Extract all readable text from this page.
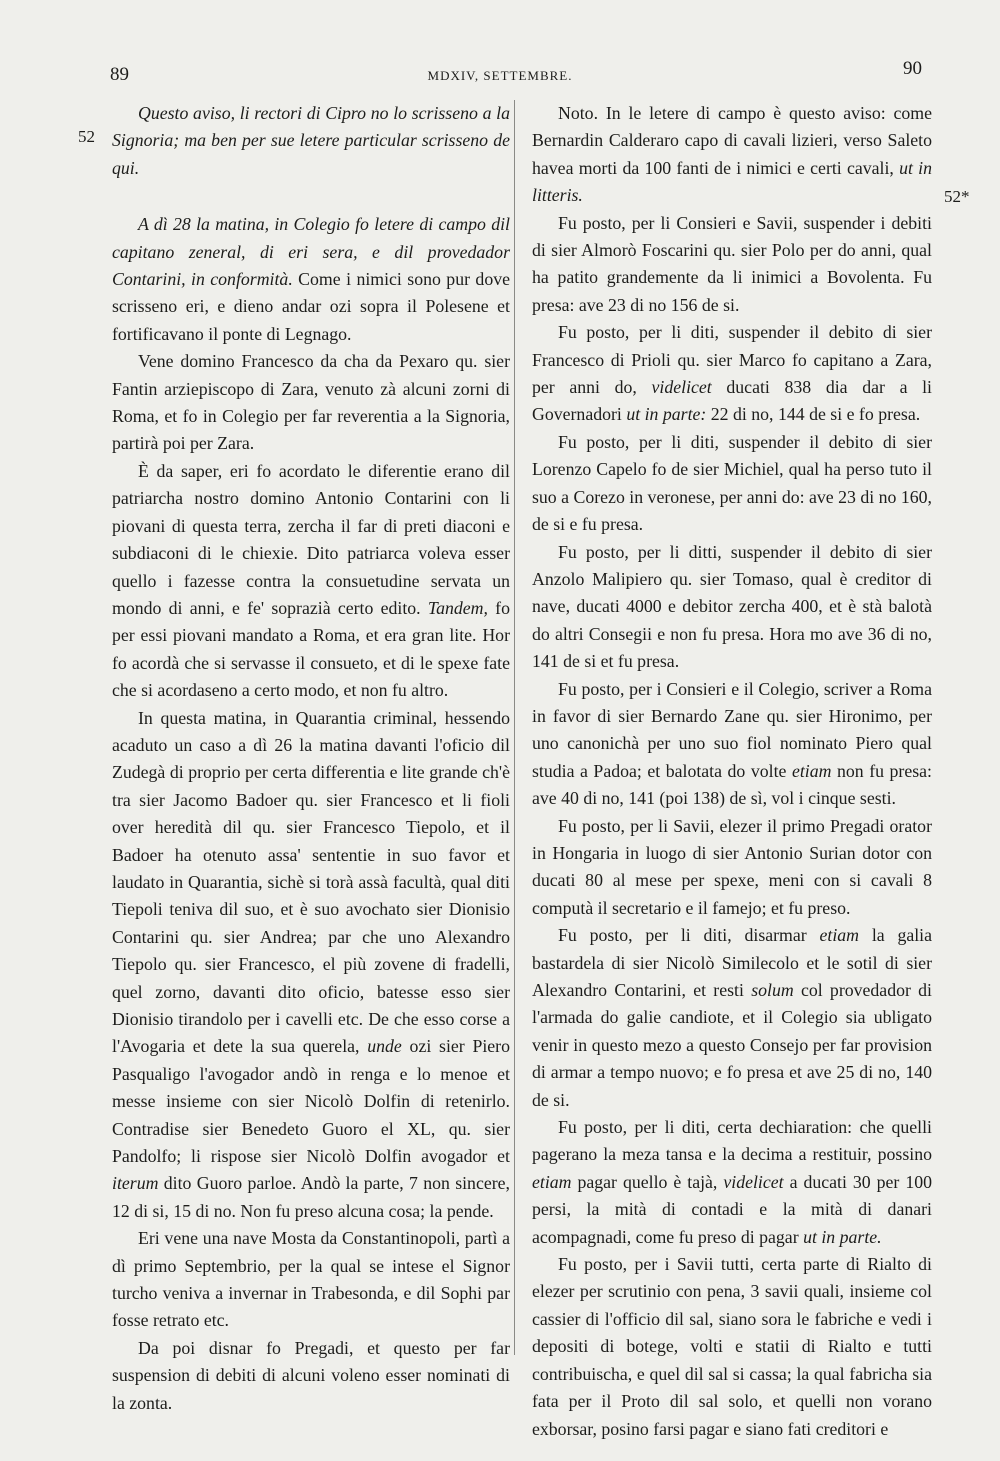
89	MDXIV, SETTEMBRE.	90
52
52*

Questo aviso, li rectori di Cipro no lo scrisseno a la Signoria; ma ben per sue letere particular scrisseno de qui.

A dì 28 la matina, in Colegio fo letere di campo dil capitano zeneral, di eri sera, e dil provedador Contarini, in conformità. Come i nimici sono pur dove scrisseno eri, e dieno andar ozi sopra il Polesene et fortificavano il ponte di Legnago.

Vene domino Francesco da cha da Pexaro qu. sier Fantin arziepiscopo di Zara, venuto zà alcuni zorni di Roma, et fo in Colegio per far reverentia a la Signoria, partirà poi per Zara.

È da saper, eri fo acordato le diferentie erano dil patriarcha nostro domino Antonio Contarini con li piovani di questa terra, zercha il far di preti diaconi e subdiaconi di le chiexie. Dito patriarca voleva esser quello i fazesse contra la consuetudine servata un mondo di anni, e fe' soprazià certo edito. Tandem, fo per essi piovani mandato a Roma, et era gran lite. Hor fo acordà che si servasse il consueto, et di le spexe fate che si acordaseno a certo modo, et non fu altro.

In questa matina, in Quarantia criminal, hessendo acaduto un caso a dì 26 la matina davanti l'oficio dil Zudegà di proprio per certa differentia e lite grande ch'è tra sier Jacomo Badoer qu. sier Francesco et li fioli over heredità dil qu. sier Francesco Tiepolo, et il Badoer ha otenuto assa' sententie in suo favor et laudato in Quarantia, sichè si torà assà facultà, qual diti Tiepoli teniva dil suo, et è suo avochato sier Dionisio Contarini qu. sier Andrea; par che uno Alexandro Tiepolo qu. sier Francesco, el più zovene di fradelli, quel zorno, davanti dito oficio, batesse esso sier Dionisio tirandolo per i cavelli etc. De che esso corse a l'Avogaria et dete la sua querela, unde ozi sier Piero Pasqualigo l'avogador andò in renga e lo menoe et messe insieme con sier Nicolò Dolfin di retenirlo. Contradise sier Benedeto Guoro el XL, qu. sier Pandolfo; li rispose sier Nicolò Dolfin avogador et iterum dito Guoro parloe. Andò la parte, 7 non sincere, 12 di si, 15 di no. Non fu preso alcuna cosa; la pende.

Eri vene una nave Mosta da Constantinopoli, partì a dì primo Septembrio, per la qual se intese el Signor turcho veniva a invernar in Trabesonda, e dil Sophi par fosse retrato etc.

Da poi disnar fo Pregadi, et questo per far suspension di debiti di alcuni voleno esser nominati di la zonta.

Noto. In le letere di campo è questo aviso: come Bernardin Calderaro capo di cavali lizieri, verso Saleto havea morti da 100 fanti de i nimici e certi cavali, ut in litteris.

Fu posto, per li Consieri e Savii, suspender i debiti di sier Almorò Foscarini qu. sier Polo per do anni, qual ha patito grandemente da li inimici a Bovolenta. Fu presa: ave 23 di no 156 de si.

Fu posto, per li diti, suspender il debito di sier Francesco di Prioli qu. sier Marco fo capitano a Zara, per anni do, videlicet ducati 838 dia dar a li Governadori ut in parte: 22 di no, 144 de si e fo presa.

Fu posto, per li diti, suspender il debito di sier Lorenzo Capelo fo de sier Michiel, qual ha perso tuto il suo a Corezo in veronese, per anni do: ave 23 di no 160, de si e fu presa.

Fu posto, per li ditti, suspender il debito di sier Anzolo Malipiero qu. sier Tomaso, qual è creditor di nave, ducati 4000 e debitor zercha 400, et è stà balotà do altri Consegii e non fu presa. Hora mo ave 36 di no, 141 de si et fu presa.

Fu posto, per i Consieri e il Colegio, scriver a Roma in favor di sier Bernardo Zane qu. sier Hironimo, per uno canonichà per uno suo fiol nominato Piero qual studia a Padoa; et balotata do volte etiam non fu presa: ave 40 di no, 141 (poi 138) de sì, vol i cinque sesti.

Fu posto, per li Savii, elezer il primo Pregadi orator in Hongaria in luogo di sier Antonio Surian dotor con ducati 80 al mese per spexe, meni con si cavali 8 computà il secretario e il famejo; et fu preso.

Fu posto, per li diti, disarmar etiam la galia bastardela di sier Nicolò Similecolo et le sotil di sier Alexandro Contarini, et resti solum col provedador di l'armada do galie candiote, et il Colegio sia ubligato venir in questo mezo a questo Consejo per far provision di armar a tempo nuovo; e fo presa et ave 25 di no, 140 de si.

Fu posto, per li diti, certa dechiaration: che quelli pagerano la meza tansa e la decima a restituir, possino etiam pagar quello è tajà, videlicet a ducati 30 per 100 persi, la mità di contadi e la mità di danari acompagnadi, come fu preso di pagar ut in parte.

Fu posto, per i Savii tutti, certa parte di Rialto di elezer per scrutinio con pena, 3 savii quali, insieme col cassier di l'officio dil sal, siano sora le fabriche e vedi i depositi di botege, volti e statii di Rialto e tutti contribuischa, e quel dil sal si cassa; la qual fabricha sia fata per il Proto dil sal solo, et quelli non vorano exborsar, posino farsi pagar e siano fati creditori e
